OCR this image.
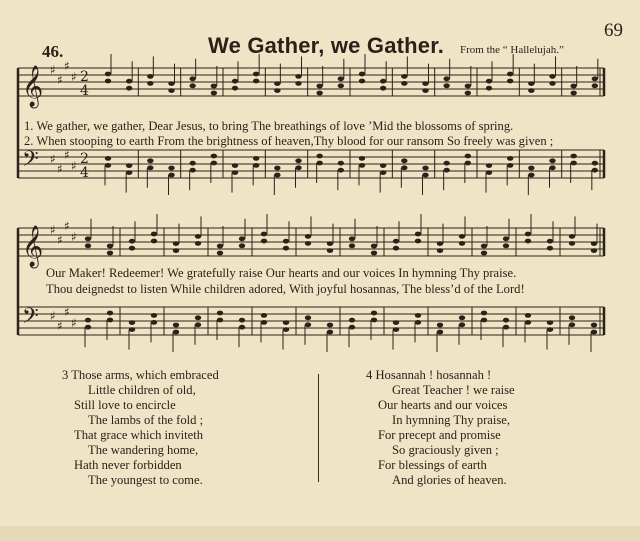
69
46.	We Gather, we Gather. From the “ Hallelujah.”
𝄞 ♯
♯
♯
♯ 2
4
𝄢 ♯
♯
♯
♯ 2
4
𝄞 ♯
♯
♯
♯
𝄢 ♯
♯
♯
♯
1. We gather, we gather, Dear Jesus, to bring The breathings of love ’Mid the blossoms of spring.
2. When stooping to earth From the brightness of heaven,Thy blood for our ransom So freely was given ;
Our Maker! Redeemer! We gratefully raise Our hearts and our voices In hymning Thy praise.
Thou deignedst to listen While children adored, With joyful hosannas, The bless’d of the Lord!
3 Those arms, which embraced
Little children of old,
Still love to encircle
The lambs of the fold ;
That grace which inviteth
The wandering home,
Hath never forbidden
The youngest to come.
4 Hosannah ! hosannah !
Great Teacher ! we raise
Our hearts and our voices
In hymning Thy praise,
For precept and promise
So graciously given ;
For blessings of earth
And glories of heaven.
